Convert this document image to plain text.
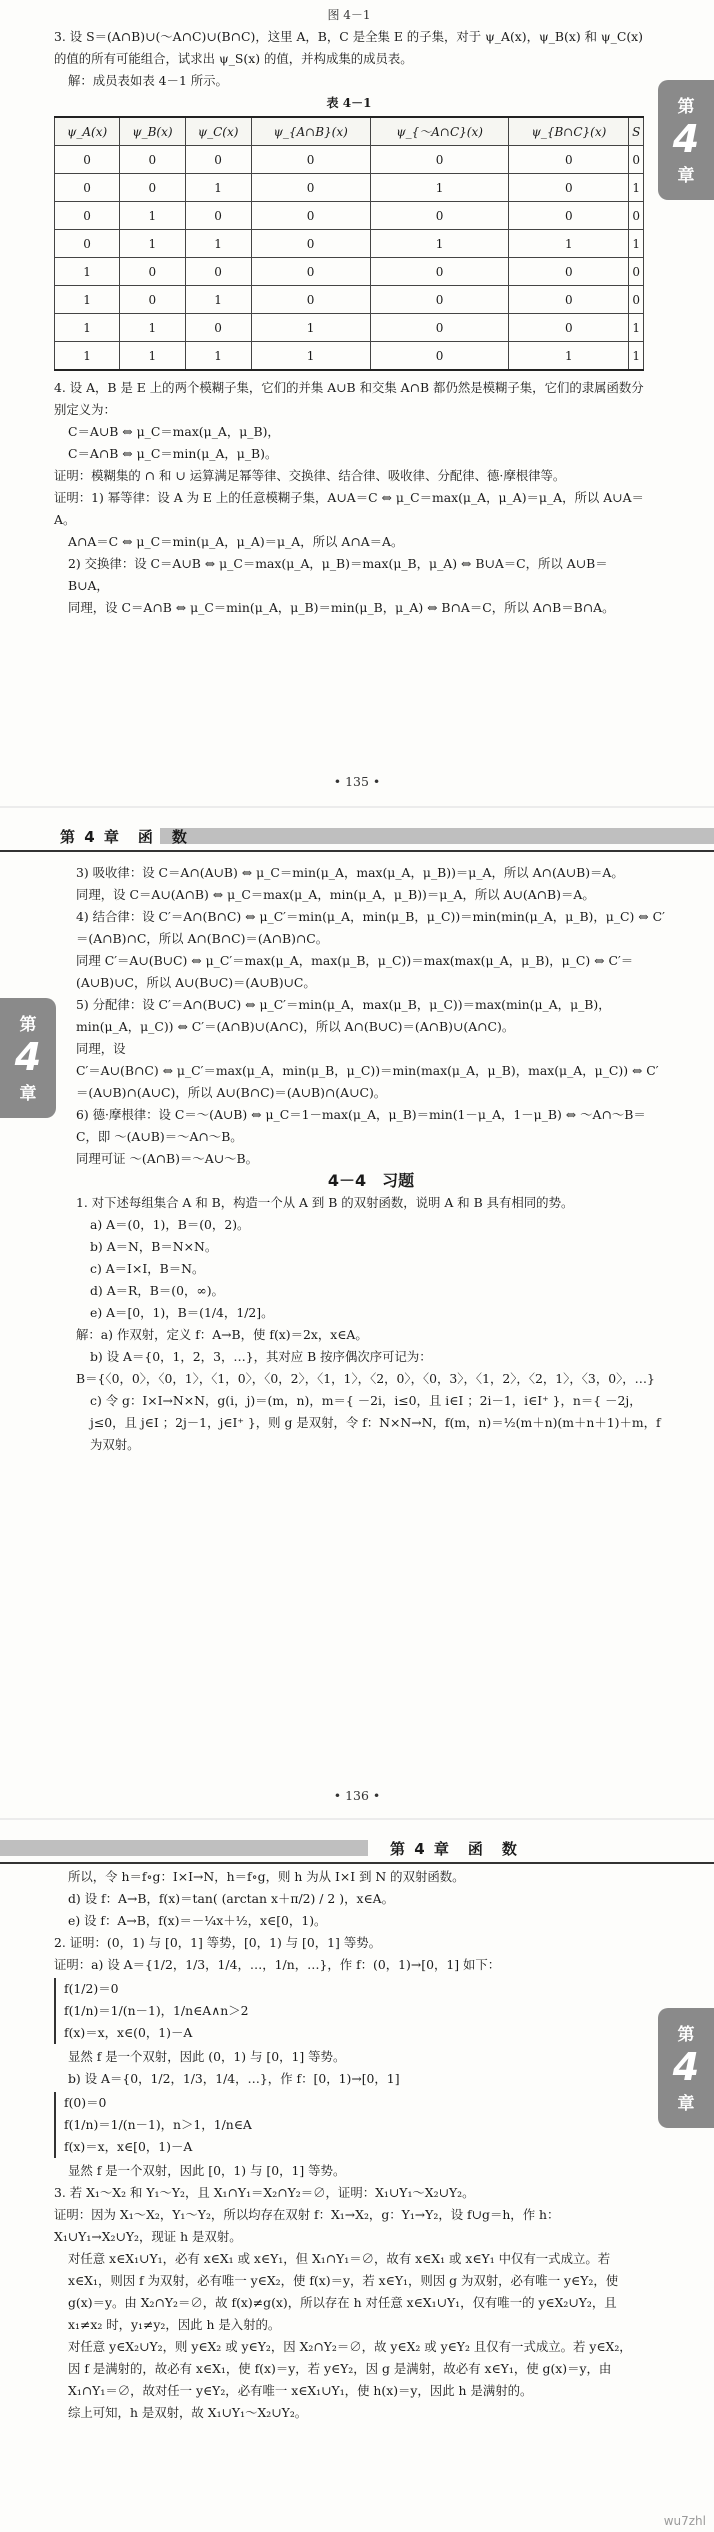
图 4－1

3. 设 S＝(A∩B)∪(～A∩C)∪(B∩C)，这里 A，B，C 是全集 E 的子集，对于 ψ_A(x)，ψ_B(x) 和 ψ_C(x) 的值的所有可能组合，试求出 ψ_S(x) 的值，并构成集的成员表。

解：成员表如表 4－1 所示。

表 4－1

ψ_A(x)	ψ_B(x)	ψ_C(x)	ψ_{A∩B}(x)	ψ_{～A∩C}(x)	ψ_{B∩C}(x)	S
0	0	0	0	0	0	0
0	0	1	0	1	0	1
0	1	0	0	0	0	0
0	1	1	0	1	1	1
1	0	0	0	0	0	0
1	0	1	0	0	0	0
1	1	0	1	0	0	1
1	1	1	1	0	1	1

4. 设 A，B 是 E 上的两个模糊子集，它们的并集 A∪B 和交集 A∩B 都仍然是模糊子集，它们的隶属函数分别定义为：

C＝A∪B ⇔ μ_C＝max(μ_A，μ_B)，

C＝A∩B ⇔ μ_C＝min(μ_A，μ_B)。

证明：模糊集的 ∩ 和 ∪ 运算满足幂等律、交换律、结合律、吸收律、分配律、德·摩根律等。

证明：1) 幂等律：设 A 为 E 上的任意模糊子集，A∪A＝C ⇔ μ_C＝max(μ_A，μ_A)＝μ_A，所以 A∪A＝A。

A∩A＝C ⇔ μ_C＝min(μ_A，μ_A)＝μ_A，所以 A∩A＝A。

2) 交换律：设 C＝A∪B ⇔ μ_C＝max(μ_A，μ_B)＝max(μ_B，μ_A) ⇔ B∪A＝C，所以 A∪B＝B∪A，

同理，设 C＝A∩B ⇔ μ_C＝min(μ_A，μ_B)＝min(μ_B，μ_A) ⇔ B∩A＝C，所以 A∩B＝B∩A。

第
4
章
• 135 •
第 4 章　 函　数
第
4
章

3) 吸收律：设 C＝A∩(A∪B) ⇔ μ_C＝min(μ_A，max(μ_A，μ_B))＝μ_A，所以 A∩(A∪B)＝A。

同理，设 C＝A∪(A∩B) ⇔ μ_C＝max(μ_A，min(μ_A，μ_B))＝μ_A，所以 A∪(A∩B)＝A。

4) 结合律：设 C′＝A∩(B∩C) ⇔ μ_C′＝min(μ_A，min(μ_B，μ_C))＝min(min(μ_A，μ_B)，μ_C) ⇔ C′＝(A∩B)∩C，所以 A∩(B∩C)＝(A∩B)∩C。

同理 C′＝A∪(B∪C) ⇔ μ_C′＝max(μ_A，max(μ_B，μ_C))＝max(max(μ_A，μ_B)，μ_C) ⇔ C′＝(A∪B)∪C，所以 A∪(B∪C)＝(A∪B)∪C。

5) 分配律：设 C′＝A∩(B∪C) ⇔ μ_C′＝min(μ_A，max(μ_B，μ_C))＝max(min(μ_A，μ_B)，min(μ_A，μ_C)) ⇔ C′＝(A∩B)∪(A∩C)，所以 A∩(B∪C)＝(A∩B)∪(A∩C)。

同理，设

C′＝A∪(B∩C) ⇔ μ_C′＝max(μ_A，min(μ_B，μ_C))＝min(max(μ_A，μ_B)，max(μ_A，μ_C)) ⇔ C′＝(A∪B)∩(A∪C)，所以 A∪(B∩C)＝(A∪B)∩(A∪C)。

6) 德·摩根律：设 C＝～(A∪B) ⇔ μ_C＝1－max(μ_A，μ_B)＝min(1－μ_A，1－μ_B) ⇔ ～A∩～B＝C，即 ～(A∪B)＝～A∩～B。

同理可证 ～(A∩B)＝～A∪～B。

4－4　习题

1. 对下述每组集合 A 和 B，构造一个从 A 到 B 的双射函数，说明 A 和 B 具有相同的势。

a) A＝(0，1)，B＝(0，2)。

b) A＝N，B＝N×N。

c) A＝I×I，B＝N。

d) A＝R，B＝(0，∞)。

e) A＝[0，1)，B＝(1/4，1/2]。

解：a) 作双射，定义 f：A→B，使 f(x)＝2x，x∈A。

b) 设 A＝{0，1，2，3，…}，其对应 B 按序偶次序可记为：

B＝{〈0，0〉，〈0，1〉，〈1，0〉，〈0，2〉，〈1，1〉，〈2，0〉，〈0，3〉，〈1，2〉，〈2，1〉，〈3，0〉，…}

c) 令 g：I×I→N×N，g(i，j)＝(m，n)，m＝{ －2i，i≤0，且 i∈I ；2i－1，i∈I⁺ }，n＝{ －2j，j≤0，且 j∈I ；2j－1，j∈I⁺ }，则 g 是双射，令 f：N×N→N，f(m，n)＝½(m＋n)(m＋n＋1)＋m，f 为双射。

• 136 •
第 4 章　 函　数
第
4
章

所以，令 h＝f∘g：I×I→N，h＝f∘g，则 h 为从 I×I 到 N 的双射函数。

d) 设 f：A→B，f(x)＝tan( (arctan x＋π/2) / 2 )，x∈A。

e) 设 f：A→B，f(x)＝－¼x＋½，x∈[0，1)。

2. 证明：(0，1) 与 [0，1] 等势，[0，1) 与 [0，1] 等势。

证明：a) 设 A＝{1/2，1/3，1/4，…，1/n，…}，作 f：(0，1)→[0，1] 如下：

f(1/2)＝0

f(1/n)＝1/(n－1)，1/n∈A∧n＞2

f(x)＝x，x∈(0，1)－A

显然 f 是一个双射，因此 (0，1) 与 [0，1] 等势。

b) 设 A＝{0，1/2，1/3，1/4，…}，作 f：[0，1)→[0，1]

f(0)＝0

f(1/n)＝1/(n－1)，n＞1，1/n∈A

f(x)＝x，x∈[0，1)－A

显然 f 是一个双射，因此 [0，1) 与 [0，1] 等势。

3. 若 X₁～X₂ 和 Y₁～Y₂，且 X₁∩Y₁＝X₂∩Y₂＝∅，证明：X₁∪Y₁～X₂∪Y₂。

证明：因为 X₁～X₂，Y₁～Y₂，所以均存在双射 f：X₁→X₂，g：Y₁→Y₂，设 f∪g＝h，作 h：X₁∪Y₁→X₂∪Y₂，现证 h 是双射。

对任意 x∈X₁∪Y₁，必有 x∈X₁ 或 x∈Y₁，但 X₁∩Y₁＝∅，故有 x∈X₁ 或 x∈Y₁ 中仅有一式成立。若 x∈X₁，则因 f 为双射，必有唯一 y∈X₂，使 f(x)＝y，若 x∈Y₁，则因 g 为双射，必有唯一 y∈Y₂，使 g(x)＝y。由 X₂∩Y₂＝∅，故 f(x)≠g(x)，所以存在 h 对任意 x∈X₁∪Y₁，仅有唯一的 y∈X₂∪Y₂，且 x₁≠x₂ 时，y₁≠y₂，因此 h 是入射的。

对任意 y∈X₂∪Y₂，则 y∈X₂ 或 y∈Y₂，因 X₂∩Y₂＝∅，故 y∈X₂ 或 y∈Y₂ 且仅有一式成立。若 y∈X₂，因 f 是满射的，故必有 x∈X₁，使 f(x)＝y，若 y∈Y₂，因 g 是满射，故必有 x∈Y₁，使 g(x)＝y，由 X₁∩Y₁＝∅，故对任一 y∈Y₂，必有唯一 x∈X₁∪Y₁，使 h(x)＝y，因此 h 是满射的。

综上可知，h 是双射，故 X₁∪Y₁～X₂∪Y₂。

wu7zhl
